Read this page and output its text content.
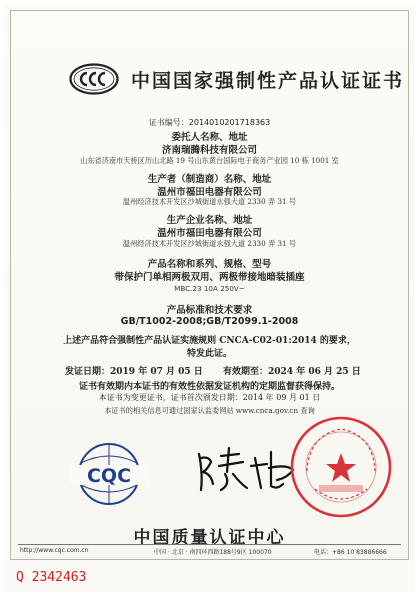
中国国家强制性产品认证证书
证书编号：2014010201718363
委托人名称、地址
济南瑞腾科技有限公司
山东省济南市天桥区历山北路 19 号山东黄台国际电子商务产业园 10 栋 1001 室
生产者（制造商）名称、地址
温州市福田电器有限公司
温州经济技术开发区沙城街道永强大道 2330 弄 31 号
生产企业名称、地址
温州市福田电器有限公司
温州经济技术开发区沙城街道永强大道 2330 弄 31 号
产品名称和系列、规格、型号
带保护门单相两极双用、两极带接地暗装插座
MBC.23 10A 250V~
产品标准和技术要求
GB/T1002-2008;GB/T2099.1-2008
上述产品符合强制性产品认证实施规则 CNCA-C02-01:2014 的要求，
特发此证。
发证日期：2019 年 07 月 05 日 有效期至：2024 年 06 月 25 日
证书有效期内本证书的有效性依据发证机构的定期监督获得保持。
本证书为变更证书，证书首次颁发日期：2014 年 09 月 01 日
本证书的相关信息可通过国家认监委网站 www.cnca.gov.cn 查询
CQC
中国质量认证中心
http://www.cqc.com.cn	中国 · 北京 · 南四环西路188号9区 100070	电话：+86 10 83886666
Q 2342463
